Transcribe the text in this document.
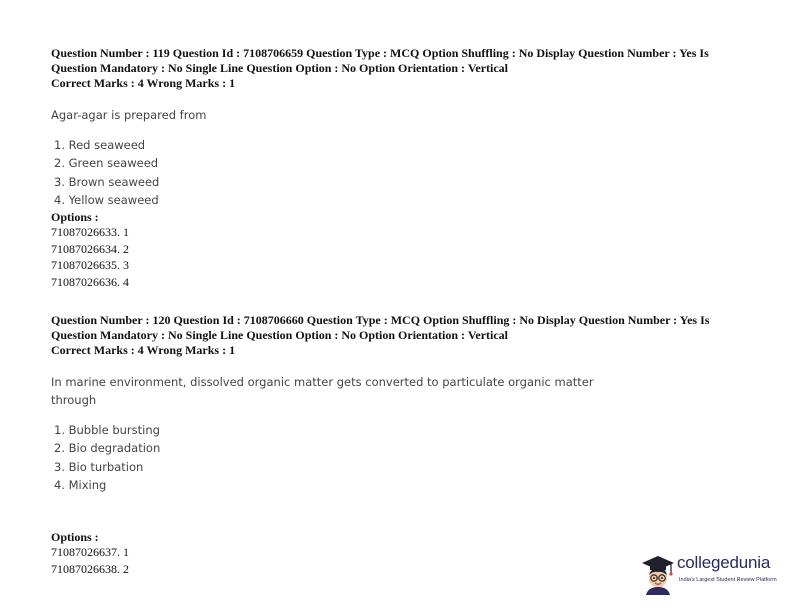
Question Number : 119 Question Id : 7108706659 Question Type : MCQ Option Shuffling : No Display Question Number : Yes Is
Question Mandatory : No Single Line Question Option : No Option Orientation : Vertical
Correct Marks : 4 Wrong Marks : 1
Agar-agar is prepared from
1. Red seaweed
2. Green seaweed
3. Brown seaweed
4. Yellow seaweed
Options :
71087026633. 1
71087026634. 2
71087026635. 3
71087026636. 4
Question Number : 120 Question Id : 7108706660 Question Type : MCQ Option Shuffling : No Display Question Number : Yes Is
Question Mandatory : No Single Line Question Option : No Option Orientation : Vertical
Correct Marks : 4 Wrong Marks : 1
In marine environment, dissolved organic matter gets converted to particulate organic matter
through
1. Bubble bursting
2. Bio degradation
3. Bio turbation
4. Mixing
Options :
71087026637. 1
71087026638. 2	collegedunia
India's Largest Student Review Platform
